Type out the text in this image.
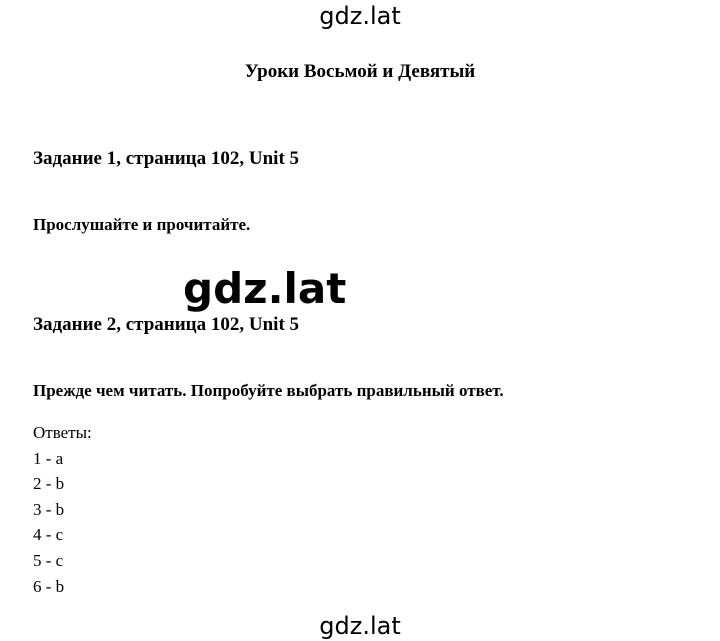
gdz.lat
Уроки Восьмой и Девятый
Задание 1, страница 102, Unit 5
Прослушайте и прочитайте.
gdz.lat
Задание 2, страница 102, Unit 5
Прежде чем читать. Попробуйте выбрать правильный ответ.
Ответы:
1 - a
2 - b
3 - b
4 - c
5 - c
6 - b
gdz.lat
